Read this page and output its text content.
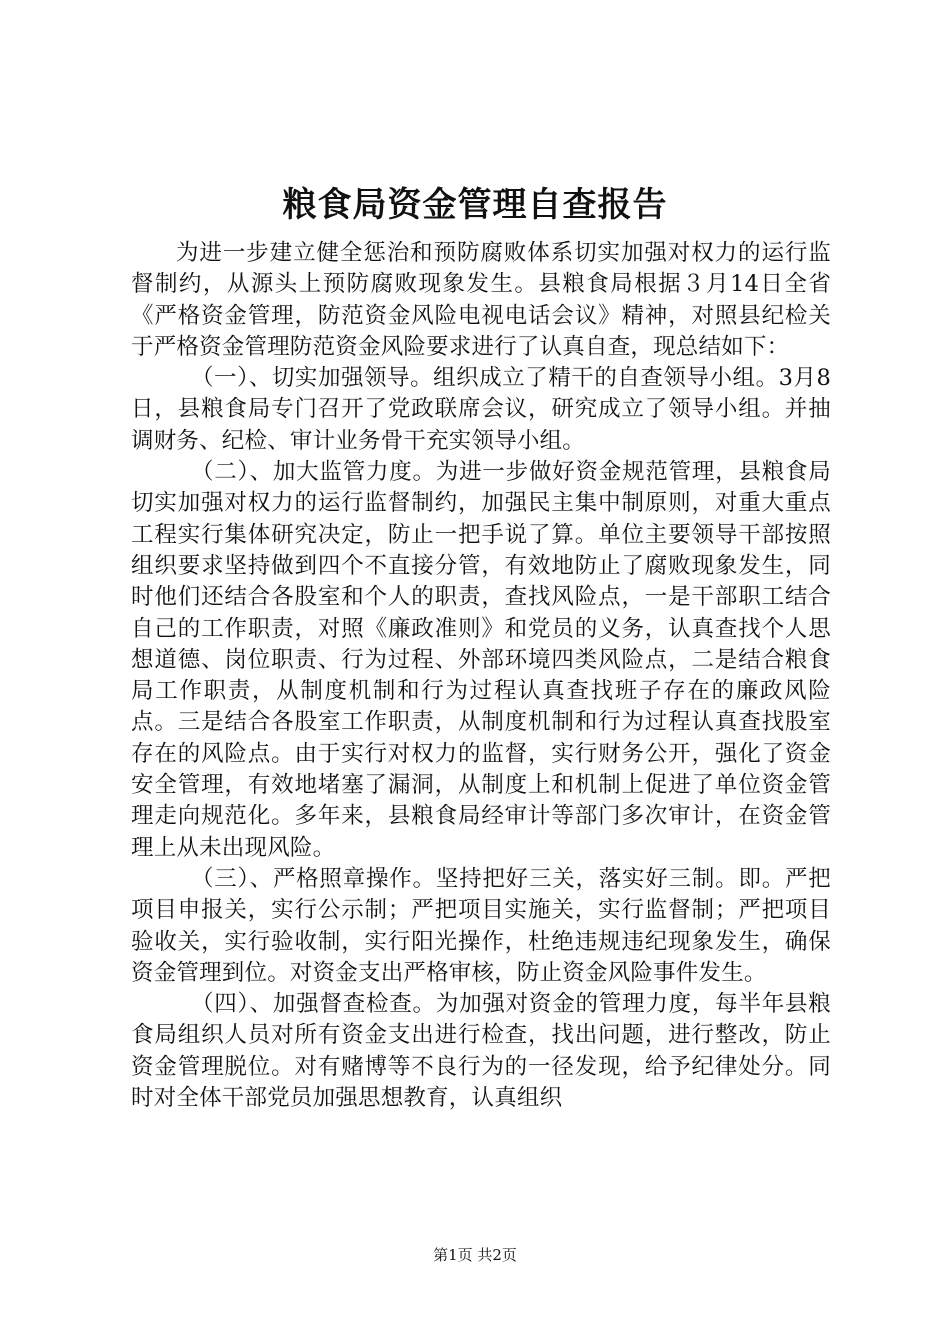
粮食局资金管理自查报告

为进一步建立健全惩治和预防腐败体系切实加强对权力的运行监督制约，从源头上预防腐败现象发生。县粮食局根据３月14日全省《严格资金管理，防范资金风险电视电话会议》精神，对照县纪检关于严格资金管理防范资金风险要求进行了认真自查，现总结如下：

（一）、切实加强领导。组织成立了精干的自查领导小组。3月8日，县粮食局专门召开了党政联席会议，研究成立了领导小组。并抽调财务、纪检、审计业务骨干充实领导小组。

（二）、加大监管力度。为进一步做好资金规范管理，县粮食局切实加强对权力的运行监督制约，加强民主集中制原则，对重大重点工程实行集体研究决定，防止一把手说了算。单位主要领导干部按照组织要求坚持做到四个不直接分管，有效地防止了腐败现象发生，同时他们还结合各股室和个人的职责，查找风险点，一是干部职工结合自己的工作职责，对照《廉政准则》和党员的义务，认真查找个人思想道德、岗位职责、行为过程、外部环境四类风险点，二是结合粮食局工作职责，从制度机制和行为过程认真查找班子存在的廉政风险点。三是结合各股室工作职责，从制度机制和行为过程认真查找股室存在的风险点。由于实行对权力的监督，实行财务公开，强化了资金安全管理，有效地堵塞了漏洞，从制度上和机制上促进了单位资金管理走向规范化。多年来，县粮食局经审计等部门多次审计，在资金管理上从未出现风险。

（三）、严格照章操作。坚持把好三关，落实好三制。即。严把项目申报关，实行公示制；严把项目实施关，实行监督制；严把项目验收关，实行验收制，实行阳光操作，杜绝违规违纪现象发生，确保资金管理到位。对资金支出严格审核，防止资金风险事件发生。

（四）、加强督查检查。为加强对资金的管理力度，每半年县粮食局组织人员对所有资金支出进行检查，找出问题，进行整改，防止资金管理脱位。对有赌博等不良行为的一径发现，给予纪律处分。同时对全体干部党员加强思想教育，认真组织

第1页 共2页
